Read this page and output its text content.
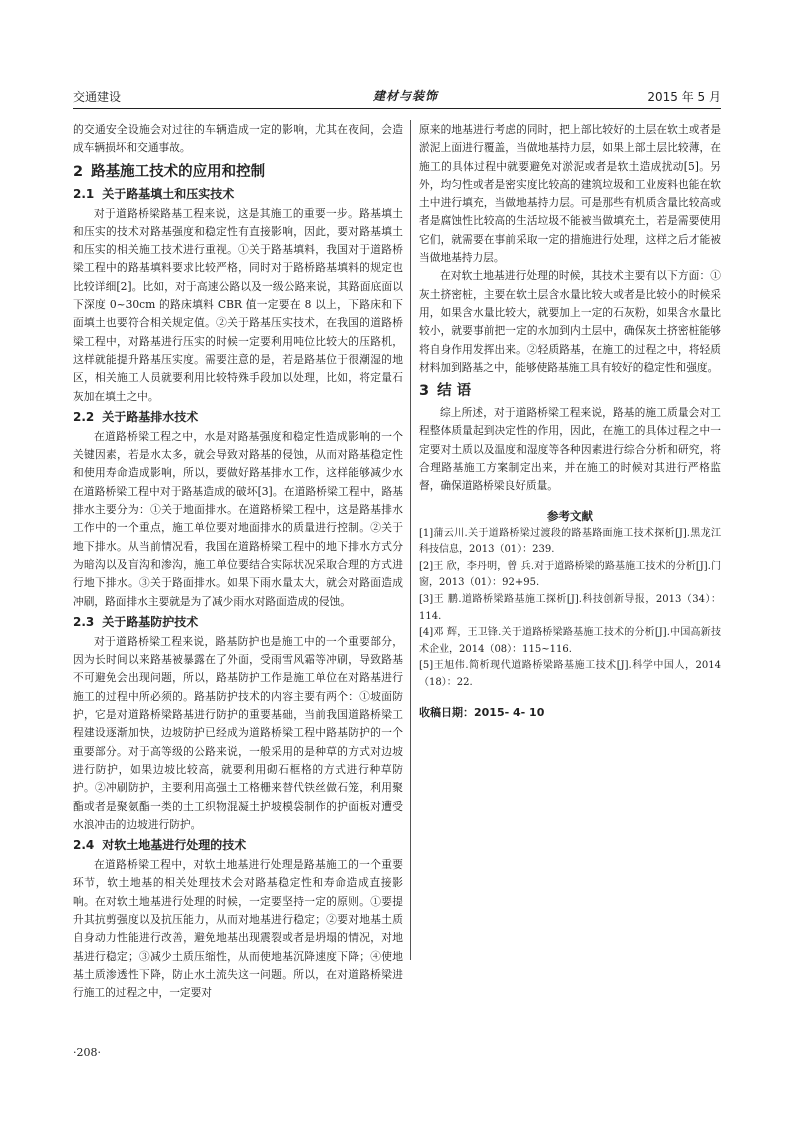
交通建设	建材与装饰	2015 年 5 月

的交通安全设施会对过往的车辆造成一定的影响，尤其在夜间，会造成车辆损坏和交通事故。

2 路基施工技术的应用和控制
2.1 关于路基填土和压实技术

对于道路桥梁路基工程来说，这是其施工的重要一步。路基填土和压实的技术对路基强度和稳定性有直接影响，因此，要对路基填土和压实的相关施工技术进行重视。①关于路基填料，我国对于道路桥梁工程中的路基填料要求比较严格，同时对于路桥路基填料的规定也比较详细[2]。比如，对于高速公路以及一级公路来说，其路面底面以下深度 0~30cm 的路床填料 CBR 值一定要在 8 以上，下路床和下面填土也要符合相关规定值。②关于路基压实技术，在我国的道路桥梁工程中，对路基进行压实的时候一定要利用吨位比较大的压路机，这样就能提升路基压实度。需要注意的是，若是路基位于很潮湿的地区，相关施工人员就要利用比较特殊手段加以处理，比如，将定量石灰加在填土之中。

2.2 关于路基排水技术

在道路桥梁工程之中，水是对路基强度和稳定性造成影响的一个关键因素，若是水太多，就会导致对路基的侵蚀，从而对路基稳定性和使用寿命造成影响，所以，要做好路基排水工作，这样能够减少水在道路桥梁工程中对于路基造成的破坏[3]。在道路桥梁工程中，路基排水主要分为：①关于地面排水。在道路桥梁工程中，这是路基排水工作中的一个重点，施工单位要对地面排水的质量进行控制。②关于地下排水。从当前情况看，我国在道路桥梁工程中的地下排水方式分为暗沟以及盲沟和渗沟，施工单位要结合实际状况采取合理的方式进行地下排水。③关于路面排水。如果下雨水量太大，就会对路面造成冲刷，路面排水主要就是为了减少雨水对路面造成的侵蚀。

2.3 关于路基防护技术

对于道路桥梁工程来说，路基防护也是施工中的一个重要部分，因为长时间以来路基被暴露在了外面，受雨雪风霜等冲刷，导致路基不可避免会出现问题，所以，路基防护工作是施工单位在对路基进行施工的过程中所必须的。路基防护技术的内容主要有两个：①坡面防护，它是对道路桥梁路基进行防护的重要基础，当前我国道路桥梁工程建设逐渐加快，边坡防护已经成为道路桥梁工程中路基防护的一个重要部分。对于高等级的公路来说，一般采用的是种草的方式对边坡进行防护，如果边坡比较高，就要利用砌石框格的方式进行种草防护。②冲刷防护，主要利用高强土工格栅来替代铁丝做石笼，利用聚酯或者是聚氨酯一类的土工织物混凝土护坡模袋制作的护面板对遭受水浪冲击的边坡进行防护。

2.4 对软土地基进行处理的技术

在道路桥梁工程中，对软土地基进行处理是路基施工的一个重要环节，软土地基的相关处理技术会对路基稳定性和寿命造成直接影响。在对软土地基进行处理的时候，一定要坚持一定的原则。①要提升其抗剪强度以及抗压能力，从而对地基进行稳定；②要对地基土质自身动力性能进行改善，避免地基出现震裂或者是坍塌的情况，对地基进行稳定；③减少土质压缩性，从而使地基沉降速度下降；④使地基土质渗透性下降，防止水土流失这一问题。所以，在对道路桥梁进行施工的过程之中，一定要对

原来的地基进行考虑的同时，把上部比较好的土层在软土或者是淤泥上面进行覆盖，当做地基持力层，如果上部土层比较薄，在施工的具体过程中就要避免对淤泥或者是软土造成扰动[5]。另外，均匀性或者是密实度比较高的建筑垃圾和工业废料也能在软土中进行填充，当做地基持力层。可是那些有机质含量比较高或者是腐蚀性比较高的生活垃圾不能被当做填充土，若是需要使用它们，就需要在事前采取一定的措施进行处理，这样之后才能被当做地基持力层。

在对软土地基进行处理的时候，其技术主要有以下方面：①灰土挤密桩，主要在软土层含水量比较大或者是比较小的时候采用，如果含水量比较大，就要加上一定的石灰粉，如果含水量比较小，就要事前把一定的水加到内土层中，确保灰土挤密桩能够将自身作用发挥出来。②轻质路基，在施工的过程之中，将轻质材料加到路基之中，能够使路基施工具有较好的稳定性和强度。

3 结 语

综上所述，对于道路桥梁工程来说，路基的施工质量会对工程整体质量起到决定性的作用，因此，在施工的具体过程之中一定要对土质以及温度和湿度等各种因素进行综合分析和研究，将合理路基施工方案制定出来，并在施工的时候对其进行严格监督，确保道路桥梁良好质量。

参考文献

[1]蒲云川.关于道路桥梁过渡段的路基路面施工技术探析[J].黑龙江科技信息，2013（01）：239.

[2]王 欣，李丹明，曾 兵.对于道路桥梁的路基施工技术的分析[J].门窗，2013（01）：92+95.

[3]王 鹏.道路桥梁路基施工探析[J].科技创新导报，2013（34）：114.

[4]邓 辉，王卫锋.关于道路桥梁路基施工技术的分析[J].中国高新技术企业，2014（08）：115~116.

[5]王旭伟.简析现代道路桥梁路基施工技术[J].科学中国人，2014（18）：22.

收稿日期：2015- 4- 10
·208·
